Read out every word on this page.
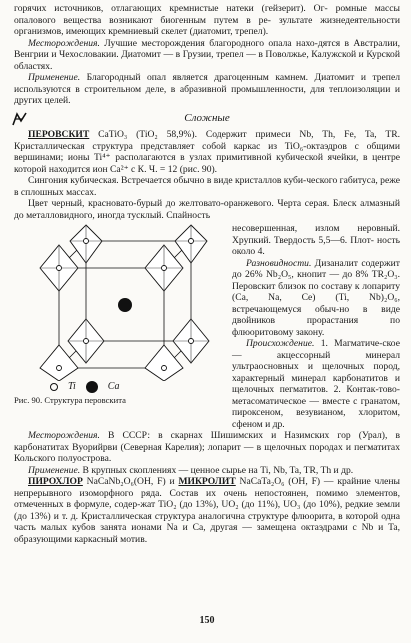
горячих источников, отлагающих кремнистые натеки (гейзерит). Ог- ромные массы опалового вещества возникают биогенным путем в ре- зультате жизнедеятельности организмов, имеющих кремниевый скелет (диатомит, трепел).

Месторождения. Лучшие месторождения благородного опала нахо-дятся в Австралии, Венгрии и Чехословакии. Диатомит — в Грузии, трепел — в Поволжье, Калужской и Курской областях.

Применение. Благородный опал является драгоценным камнем. Диатомит и трепел используются в строительном деле, в абразивной промышленности, для теплоизоляции и других целей.

Сложные

ПЕРОВСКИТ CaTiO₃ (TiO₂ 58,9%). Содержит примеси Nb, Th, Fe, Ta, TR. Кристаллическая структура представляет собой каркас из TiO₆-октаэдров с общими вершинами; ионы Ti⁴⁺ располагаются в узлах примитивной кубической ячейки, в центре которой находится ион Ca²⁺ с К. Ч. = 12 (рис. 90).

Сингония кубическая. Встречается обычно в виде кристаллов куби-ческого габитуса, реже в сплошных массах.

Цвет черный, красновато-бурый до желтовато-оранжевого. Черта серая. Блеск алмазный до металловидного, иногда тусклый. Спайность

Ti	Ca
Рис. 90. Структура перовскита

несовершенная, излом неровный. Хрупкий. Твердость 5,5—6. Плот- ность около 4.

Разновидности. Дизаналит содержит до 26% Nb₂O₅, кнопит — до 8% TR₂O₃. Перовскит близок по составу к лопариту (Ca, Na, Ce) (Ti, Nb)₂O₆, встречающемуся обыч-но в виде двойников прорастания по флюоритовому закону.

Происхождение. 1. Магматиче-ское — акцессорный минерал ультраосновных и щелочных пород, характерный минерал карбонатитов и щелочных пегматитов. 2. Контак-тово-метасоматическое — вместе с гранатом, пироксеном, везувианом, хлоритом, сфеном и др.

Месторождения. В СССР: в скарнах Шишимских и Назимских гор (Урал), в карбонатитах Вуорийрви (Северная Карелия); лопарит — в щелочных породах и пегматитах Кольского полуострова.

Применение. В крупных скоплениях — ценное сырье на Ti, Nb, Ta, TR, Th и др.

ПИРОХЛОР NaCaNb₂O₆(OH, F) и МИКРОЛИТ NaCaTa₂O₆ (OH, F) — крайние члены непрерывного изоморфного ряда. Состав их очень непостоянен, помимо элементов, отмеченных в формуле, содер-жат TiO₂ (до 13%), UO₂ (до 11%), UO₃ (до 10%), редкие земли (до 13%) и т. д. Кристаллическая структура аналогична структуре флюорита, в которой одна часть малых кубов занята ионами Na и Ca, другая — замещена октаэдрами с Nb и Ta, образующими каркасный мотив.

150
